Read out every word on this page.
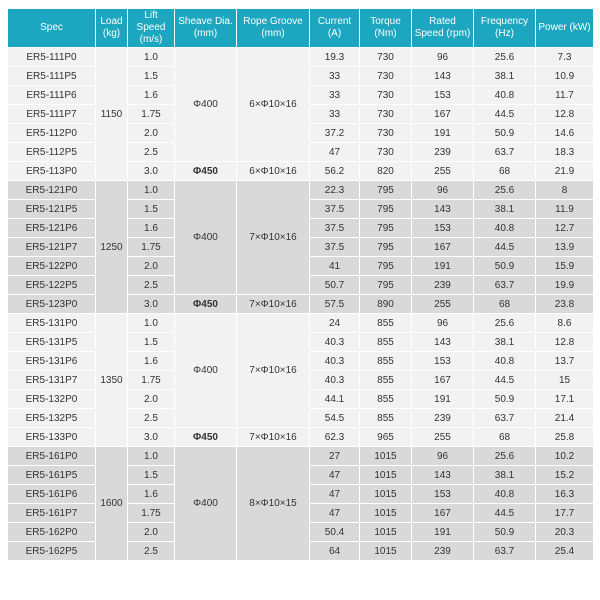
Spec	Load (kg)	Lift Speed (m/s)	Sheave Dia.(mm)	Rope Groove (mm)	Current (A)	Torque (Nm)	Rated Speed (rpm)	Frequency (Hz)	Power (kW)
ER5-111P0	1150	1.0	Φ400	6×Φ10×16	19.3	730	96	25.6	7.3
ER5-111P5		1.5			33	730	143	38.1	10.9
ER5-111P6		1.6			33	730	153	40.8	11.7
ER5-111P7		1.75			33	730	167	44.5	12.8
ER5-112P0		2.0			37.2	730	191	50.9	14.6
ER5-112P5		2.5			47	730	239	63.7	18.3
ER5-113P0		3.0	Φ450	6×Φ10×16	56.2	820	255	68	21.9
ER5-121P0	1250	1.0	Φ400	7×Φ10×16	22.3	795	96	25.6	8
ER5-121P5		1.5			37.5	795	143	38.1	11.9
ER5-121P6		1.6			37.5	795	153	40.8	12.7
ER5-121P7		1.75			37.5	795	167	44.5	13.9
ER5-122P0		2.0			41	795	191	50.9	15.9
ER5-122P5		2.5			50.7	795	239	63.7	19.9
ER5-123P0		3.0	Φ450	7×Φ10×16	57.5	890	255	68	23.8
ER5-131P0	1350	1.0	Φ400	7×Φ10×16	24	855	96	25.6	8.6
ER5-131P5		1.5			40.3	855	143	38.1	12.8
ER5-131P6		1.6			40.3	855	153	40.8	13.7
ER5-131P7		1.75			40.3	855	167	44.5	15
ER5-132P0		2.0			44.1	855	191	50.9	17.1
ER5-132P5		2.5			54.5	855	239	63.7	21.4
ER5-133P0		3.0	Φ450	7×Φ10×16	62.3	965	255	68	25.8
ER5-161P0	1600	1.0	Φ400	8×Φ10×15	27	1015	96	25.6	10.2
ER5-161P5		1.5			47	1015	143	38.1	15.2
ER5-161P6		1.6			47	1015	153	40.8	16.3
ER5-161P7		1.75			47	1015	167	44.5	17.7
ER5-162P0		2.0			50.4	1015	191	50.9	20.3
ER5-162P5		2.5			64	1015	239	63.7	25.4
